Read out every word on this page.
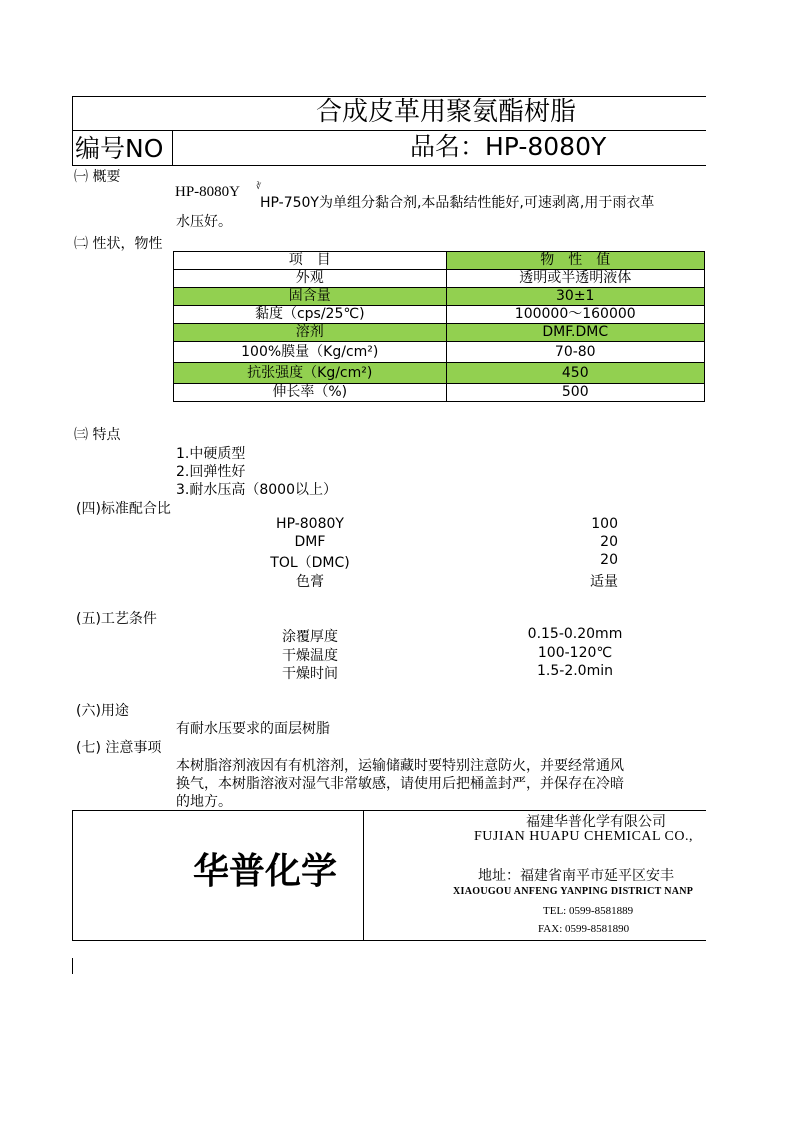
合成皮革用聚氨酯树脂
编号NO	品名：HP-8080Y
㈠ 概要
HP-8080Y ∛
HP-750Y为单组分黏合剂,本品黏结性能好,可速剥离,用于雨衣革
水压好。
㈡ 性状，物性
项　目	物　性　值
外观	透明或半透明液体
固含量	30±1
黏度（cps/25℃)	100000～160000
溶剂	DMF.DMC
100%膜量（Kg/cm²)	70-80
抗张强度（Kg/cm²)	450
伸长率（%)	500
㈢ 特点
1.中硬质型
2.回弹性好
3.耐水压高（8000以上）
(四)标准配合比
HP-8080Y	100
DMF	20
TOL（DMC)	20
色膏	适量
(五)工艺条件
涂覆厚度	0.15-0.20mm
干燥温度	100-120℃
干燥时间	1.5-2.0min
(六)用途
有耐水压要求的面层树脂
(七) 注意事项
本树脂溶剂液因有有机溶剂，运输储藏时要特别注意防火，并要经常通风
换气，本树脂溶液对湿气非常敏感，请使用后把桶盖封严，并保存在冷暗
的地方。
华普化学
福建华普化学有限公司
FUJIAN HUAPU CHEMICAL CO.,
地址：福建省南平市延平区安丰
XIAOUGOU ANFENG YANPING DISTRICT NANP
TEL: 0599-8581889
FAX: 0599-8581890
